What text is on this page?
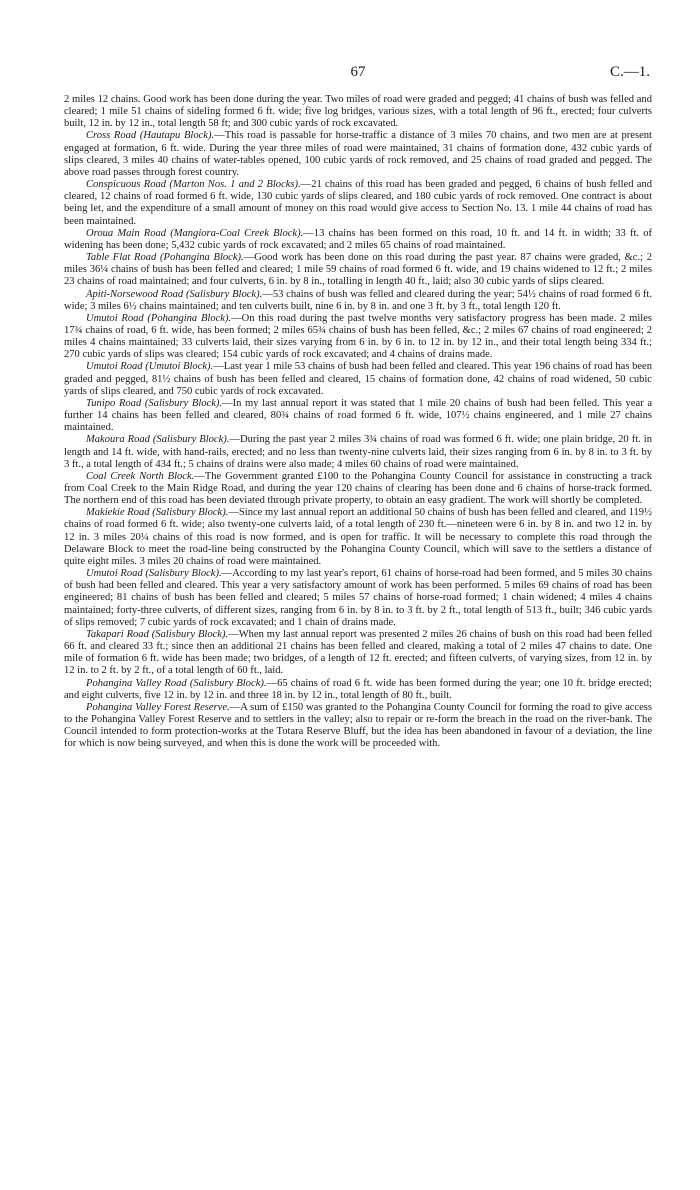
67	C.—1.

2 miles 12 chains. Good work has been done during the year. Two miles of road were graded and pegged; 41 chains of bush was felled and cleared; 1 mile 51 chains of sideling formed 6 ft. wide; five log bridges, various sizes, with a total length of 96 ft., erected; four culverts built, 12 in. by 12 in., total length 58 ft; and 300 cubic yards of rock excavated.

Cross Road (Hautapu Block).—This road is passable for horse-traffic a distance of 3 miles 70 chains, and two men are at present engaged at formation, 6 ft. wide. During the year three miles of road were maintained, 31 chains of formation done, 432 cubic yards of slips cleared, 3 miles 40 chains of water-tables opened, 100 cubic yards of rock removed, and 25 chains of road graded and pegged. The above road passes through forest country.

Conspicuous Road (Marton Nos. 1 and 2 Blocks).—21 chains of this road has been graded and pegged, 6 chains of bush felled and cleared, 12 chains of road formed 6 ft. wide, 130 cubic yards of slips cleared, and 180 cubic yards of rock removed. One contract is about being let, and the expenditure of a small amount of money on this road would give access to Section No. 13. 1 mile 44 chains of road has been maintained.

Oroua Main Road (Mangiora-Coal Creek Block).—13 chains has been formed on this road, 10 ft. and 14 ft. in width; 33 ft. of widening has been done; 5,432 cubic yards of rock excavated; and 2 miles 65 chains of road maintained.

Table Flat Road (Pohangina Block).—Good work has been done on this road during the past year. 87 chains were graded, &c.; 2 miles 36¼ chains of bush has been felled and cleared; 1 mile 59 chains of road formed 6 ft. wide, and 19 chains widened to 12 ft.; 2 miles 23 chains of road maintained; and four culverts, 6 in. by 8 in., totalling in length 40 ft., laid; also 30 cubic yards of slips cleared.

Apiti-Norsewood Road (Salisbury Block).—53 chains of bush was felled and cleared during the year; 54½ chains of road formed 6 ft. wide; 3 miles 6½ chains maintained; and ten culverts built, nine 6 in. by 8 in. and one 3 ft. by 3 ft., total length 120 ft.

Umutoi Road (Pohangina Block).—On this road during the past twelve months very satisfactory progress has been made. 2 miles 17¾ chains of road, 6 ft. wide, has been formed; 2 miles 65¾ chains of bush has been felled, &c.; 2 miles 67 chains of road engineered; 2 miles 4 chains maintained; 33 culverts laid, their sizes varying from 6 in. by 6 in. to 12 in. by 12 in., and their total length being 334 ft.; 270 cubic yards of slips was cleared; 154 cubic yards of rock excavated; and 4 chains of drains made.

Umutoi Road (Umutoi Block).—Last year 1 mile 53 chains of bush had been felled and cleared. This year 196 chains of road has been graded and pegged, 81½ chains of bush has been felled and cleared, 15 chains of formation done, 42 chains of road widened, 50 cubic yards of slips cleared, and 750 cubic yards of rock excavated.

Tunipo Road (Salisbury Block).—In my last annual report it was stated that 1 mile 20 chains of bush had been felled. This year a further 14 chains has been felled and cleared, 80¾ chains of road formed 6 ft. wide, 107½ chains engineered, and 1 mile 27 chains maintained.

Makoura Road (Salisbury Block).—During the past year 2 miles 3¾ chains of road was formed 6 ft. wide; one plain bridge, 20 ft. in length and 14 ft. wide, with hand-rails, erected; and no less than twenty-nine culverts laid, their sizes ranging from 6 in. by 8 in. to 3 ft. by 3 ft., a total length of 434 ft.; 5 chains of drains were also made; 4 miles 60 chains of road were maintained.

Coal Creek North Block.—The Government granted £100 to the Pohangina County Council for assistance in constructing a track from Coal Creek to the Main Ridge Road, and during the year 120 chains of clearing has been done and 6 chains of horse-track formed. The northern end of this road has been deviated through private property, to obtain an easy gradient. The work will shortly be completed.

Makiekie Road (Salisbury Block).—Since my last annual report an additional 50 chains of bush has been felled and cleared, and 119½ chains of road formed 6 ft. wide; also twenty-one culverts laid, of a total length of 230 ft.—nineteen were 6 in. by 8 in. and two 12 in. by 12 in. 3 miles 20¼ chains of this road is now formed, and is open for traffic. It will be necessary to complete this road through the Delaware Block to meet the road-line being constructed by the Pohangina County Council, which will save to the settlers a distance of quite eight miles. 3 miles 20 chains of road were maintained.

Umutoi Road (Salisbury Block).—According to my last year's report, 61 chains of horse-road had been formed, and 5 miles 30 chains of bush had been felled and cleared. This year a very satisfactory amount of work has been performed. 5 miles 69 chains of road has been engineered; 81 chains of bush has been felled and cleared; 5 miles 57 chains of horse-road formed; 1 chain widened; 4 miles 4 chains maintained; forty-three culverts, of different sizes, ranging from 6 in. by 8 in. to 3 ft. by 2 ft., total length of 513 ft., built; 346 cubic yards of slips removed; 7 cubic yards of rock excavated; and 1 chain of drains made.

Takapari Road (Salisbury Block).—When my last annual report was presented 2 miles 26 chains of bush on this road had been felled 66 ft. and cleared 33 ft.; since then an additional 21 chains has been felled and cleared, making a total of 2 miles 47 chains to date. One mile of formation 6 ft. wide has been made; two bridges, of a length of 12 ft. erected; and fifteen culverts, of varying sizes, from 12 in. by 12 in. to 2 ft. by 2 ft., of a total length of 60 ft., laid.

Pohangina Valley Road (Salisbury Block).—65 chains of road 6 ft. wide has been formed during the year; one 10 ft. bridge erected; and eight culverts, five 12 in. by 12 in. and three 18 in. by 12 in., total length of 80 ft., built.

Pohangina Valley Forest Reserve.—A sum of £150 was granted to the Pohangina County Council for forming the road to give access to the Pohangina Valley Forest Reserve and to settlers in the valley; also to repair or re-form the breach in the road on the river-bank. The Council intended to form protection-works at the Totara Reserve Bluff, but the idea has been abandoned in favour of a deviation, the line for which is now being surveyed, and when this is done the work will be proceeded with.
